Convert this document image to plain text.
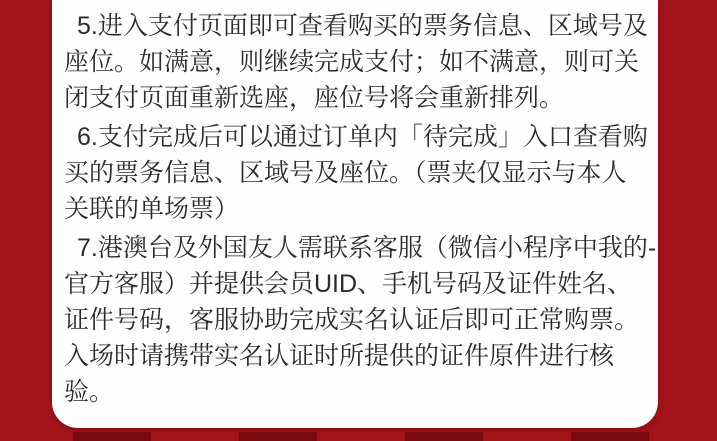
5.进入支付页面即可查看购买的票务信息、区域号及
座位。如满意，则继续完成支付；如不满意，则可关
闭支付页面重新选座，座位号将会重新排列。
6.支付完成后可以通过订单内「待完成」入口查看购
买的票务信息、区域号及座位。（票夹仅显示与本人
关联的单场票）
7.港澳台及外国友人需联系客服（微信小程序中我的-
官方客服）并提供会员UID、手机号码及证件姓名、
证件号码，客服协助完成实名认证后即可正常购票。
入场时请携带实名认证时所提供的证件原件进行核
验。
